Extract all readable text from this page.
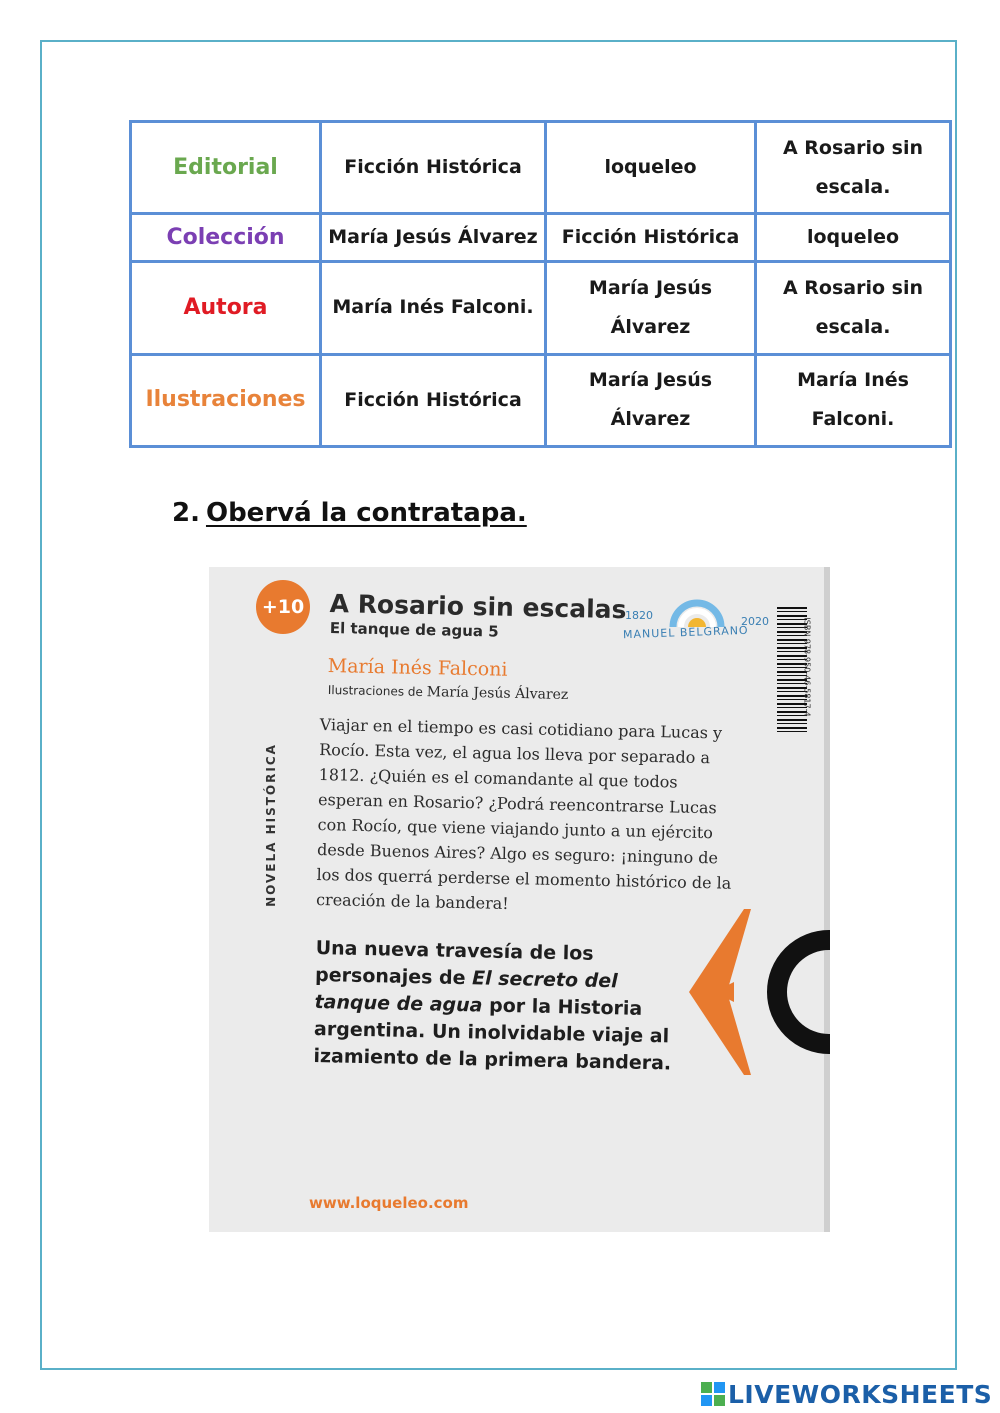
Editorial	Ficción Histórica	loqueleo	A Rosario sin escala.
Colección	María Jesús Álvarez	Ficción Histórica	loqueleo
Autora	María Inés Falconi.	María Jesús Álvarez	A Rosario sin escala.
Ilustraciones	Ficción Histórica	María Jesús Álvarez	María Inés Falconi.
2. Obervá la contratapa.
+10
NOVELA HISTÓRICA
A Rosario sin escalas
El tanque de agua 5
María Inés Falconi
Ilustraciones de María Jesús Álvarez
1820	2020
MANUEL BELGRANO	ISBN 978-950-46-5817-4
Viajar en el tiempo es casi cotidiano para Lucas y Rocío. Esta vez, el agua los lleva por separado a 1812. ¿Quién es el comandante al que todos esperan en Rosario? ¿Podrá reencontrarse Lucas con Rocío, que viene viajando junto a un ejército desde Buenos Aires? Algo es seguro: ¡ninguno de los dos querrá perderse el momento histórico de la creación de la bandera!
Una nueva travesía de los personajes de El secreto del tanque de agua por la Historia argentina. Un inolvidable viaje al izamiento de la primera bandera.
www.loqueleo.com
LIVEWORKSHEETS
